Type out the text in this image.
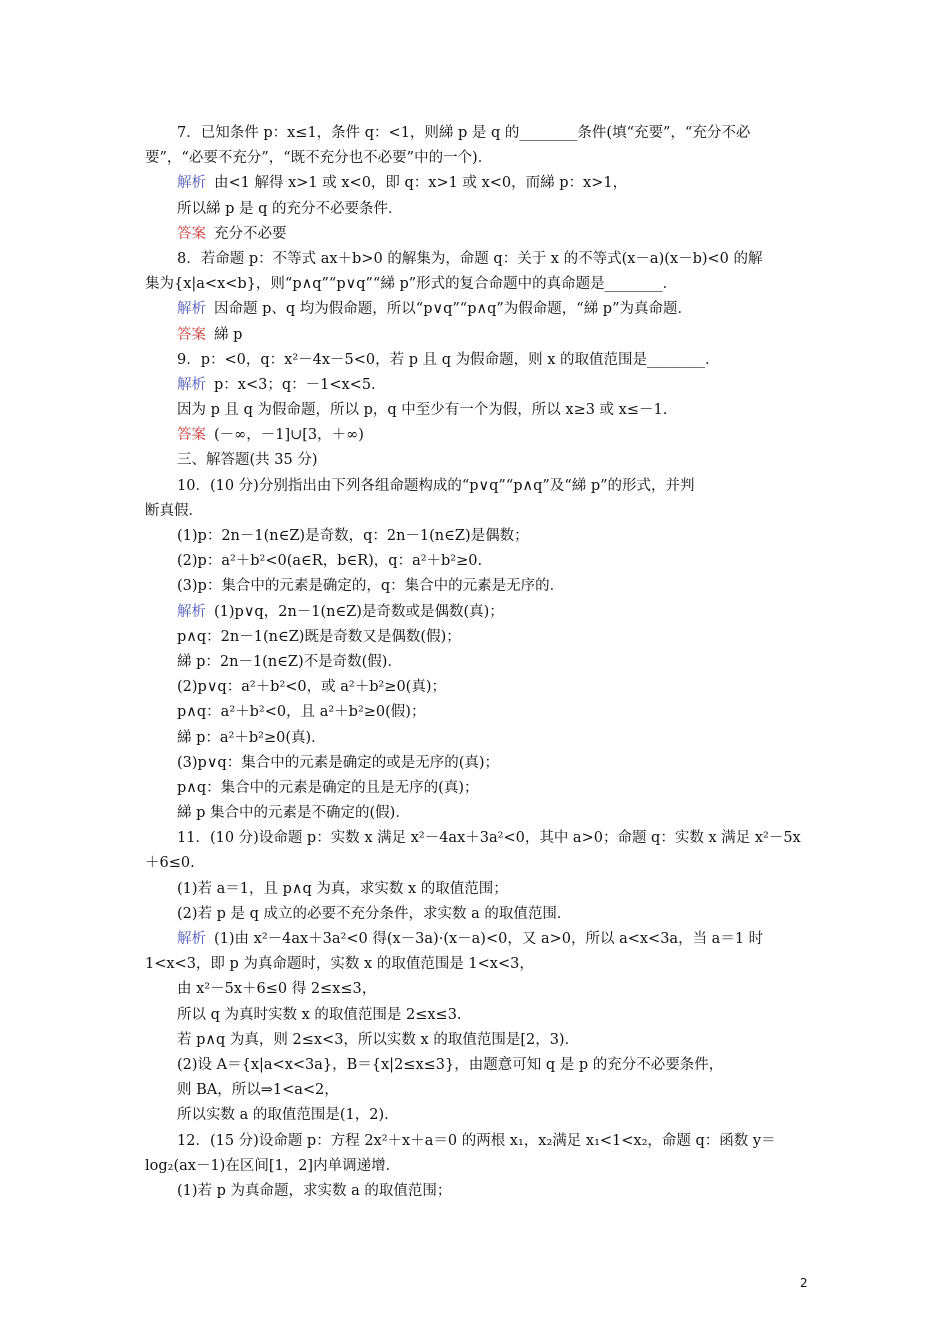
7．已知条件 p：x≤1，条件 q：<1，则綈 p 是 q 的________条件(填“充要”，“充分不必
要”，“必要不充分”，“既不充分也不必要”中的一个)．
解析 由<1 解得 x>1 或 x<0，即 q：x>1 或 x<0，而綈 p：x>1，
所以綈 p 是 q 的充分不必要条件．
答案 充分不必要
8．若命题 p：不等式 ax＋b>0 的解集为，命题 q：关于 x 的不等式(x－a)(x－b)<0 的解
集为{x|a<x<b}，则“p∧q”“p∨q”“綈 p”形式的复合命题中的真命题是________．
解析 因命题 p、q 均为假命题，所以“p∨q”“p∧q”为假命题，“綈 p”为真命题．
答案 綈 p
9．p：<0，q：x²－4x－5<0，若 p 且 q 为假命题，则 x 的取值范围是________．
解析 p：x<3；q：－1<x<5.
因为 p 且 q 为假命题，所以 p，q 中至少有一个为假，所以 x≥3 或 x≤－1.
答案 (－∞，－1]∪[3，＋∞)
三、解答题(共 35 分)
10．(10 分)分别指出由下列各组命题构成的“p∨q”“p∧q”及“綈 p”的形式，并判
断真假．
(1)p：2n－1(n∈Z)是奇数，q：2n－1(n∈Z)是偶数；
(2)p：a²＋b²<0(a∈R，b∈R)，q：a²＋b²≥0.
(3)p：集合中的元素是确定的，q：集合中的元素是无序的．
解析 (1)p∨q，2n－1(n∈Z)是奇数或是偶数(真)；
p∧q：2n－1(n∈Z)既是奇数又是偶数(假)；
綈 p：2n－1(n∈Z)不是奇数(假)．
(2)p∨q：a²＋b²<0，或 a²＋b²≥0(真)；
p∧q：a²＋b²<0，且 a²＋b²≥0(假)；
綈 p：a²＋b²≥0(真)．
(3)p∨q：集合中的元素是确定的或是无序的(真)；
p∧q：集合中的元素是确定的且是无序的(真)；
綈 p 集合中的元素是不确定的(假)．
11．(10 分)设命题 p：实数 x 满足 x²－4ax＋3a²<0，其中 a>0；命题 q：实数 x 满足 x²－5x
＋6≤0.
(1)若 a＝1，且 p∧q 为真，求实数 x 的取值范围；
(2)若 p 是 q 成立的必要不充分条件，求实数 a 的取值范围．
解析 (1)由 x²－4ax＋3a²<0 得(x－3a)·(x－a)<0，又 a>0，所以 a<x<3a，当 a＝1 时
1<x<3，即 p 为真命题时，实数 x 的取值范围是 1<x<3，
由 x²－5x＋6≤0 得 2≤x≤3，
所以 q 为真时实数 x 的取值范围是 2≤x≤3.
若 p∧q 为真，则 2≤x<3，所以实数 x 的取值范围是[2，3)．
(2)设 A＝{x|a<x<3a}，B＝{x|2≤x≤3}，由题意可知 q 是 p 的充分不必要条件，
则 BA，所以⇒1<a<2，
所以实数 a 的取值范围是(1，2)．
12．(15 分)设命题 p：方程 2x²＋x＋a＝0 的两根 x₁，x₂满足 x₁<1<x₂，命题 q：函数 y＝
log₂(ax－1)在区间[1，2]内单调递增．
(1)若 p 为真命题，求实数 a 的取值范围；
2
